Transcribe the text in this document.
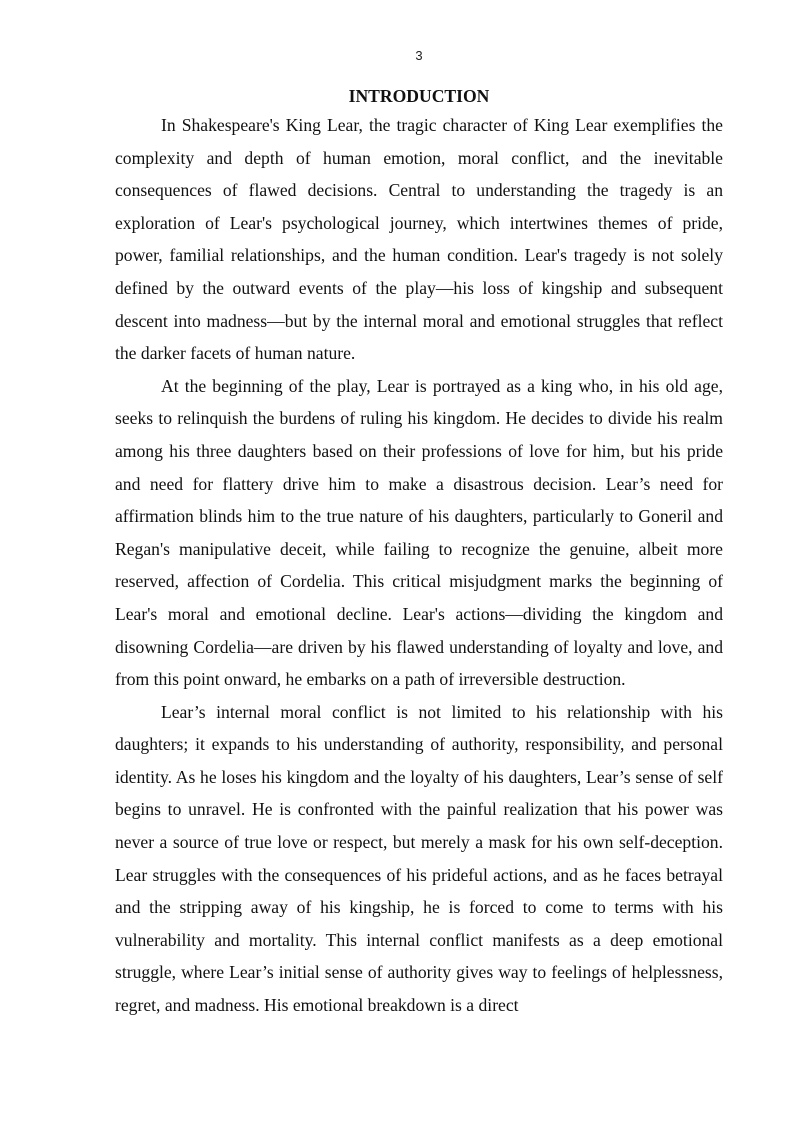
3
INTRODUCTION

In Shakespeare's King Lear, the tragic character of King Lear exemplifies the complexity and depth of human emotion, moral conflict, and the inevitable consequences of flawed decisions. Central to understanding the tragedy is an exploration of Lear's psychological journey, which intertwines themes of pride, power, familial relationships, and the human condition. Lear's tragedy is not solely defined by the outward events of the play—his loss of kingship and subsequent descent into madness—but by the internal moral and emotional struggles that reflect the darker facets of human nature.

At the beginning of the play, Lear is portrayed as a king who, in his old age, seeks to relinquish the burdens of ruling his kingdom. He decides to divide his realm among his three daughters based on their professions of love for him, but his pride and need for flattery drive him to make a disastrous decision. Lear’s need for affirmation blinds him to the true nature of his daughters, particularly to Goneril and Regan's manipulative deceit, while failing to recognize the genuine, albeit more reserved, affection of Cordelia. This critical misjudgment marks the beginning of Lear's moral and emotional decline. Lear's actions—dividing the kingdom and disowning Cordelia—are driven by his flawed understanding of loyalty and love, and from this point onward, he embarks on a path of irreversible destruction.

Lear’s internal moral conflict is not limited to his relationship with his daughters; it expands to his understanding of authority, responsibility, and personal identity. As he loses his kingdom and the loyalty of his daughters, Lear’s sense of self begins to unravel. He is confronted with the painful realization that his power was never a source of true love or respect, but merely a mask for his own self-deception. Lear struggles with the consequences of his prideful actions, and as he faces betrayal and the stripping away of his kingship, he is forced to come to terms with his vulnerability and mortality. This internal conflict manifests as a deep emotional struggle, where Lear’s initial sense of authority gives way to feelings of helplessness, regret, and madness. His emotional breakdown is a direct
